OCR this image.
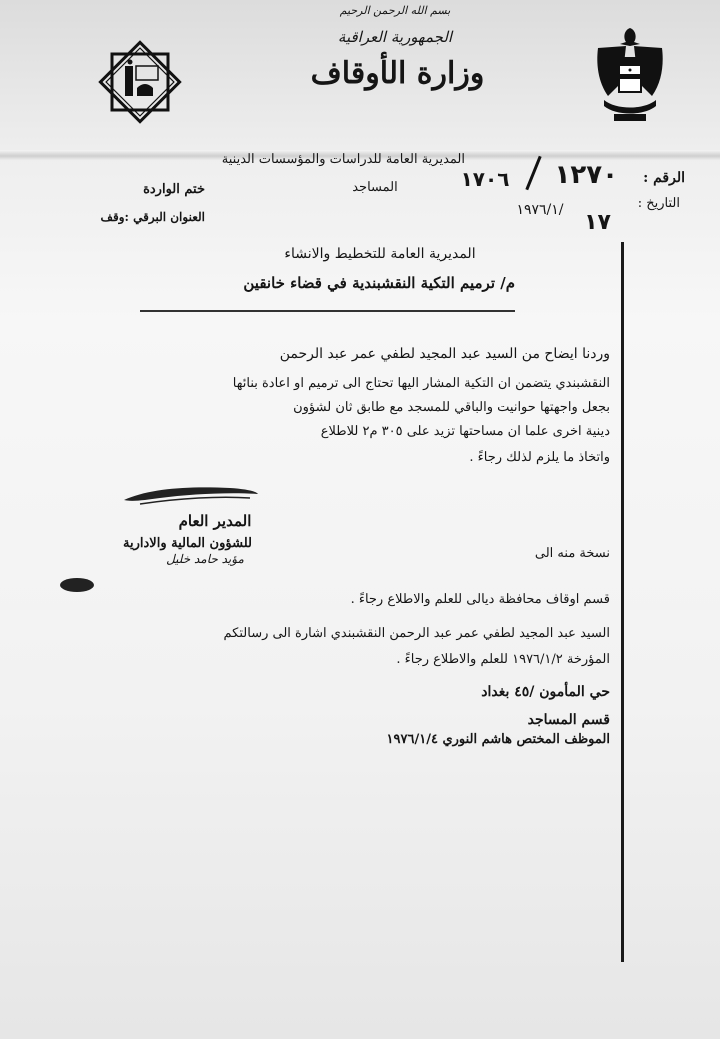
بسم الله الرحمن الرحيم
الجمهورية العراقية
وزارة الأوقاف
المديرية العامة للدراسات والمؤسسات الدينية
المساجد
الرقم :
١٢٧٠
١٧٠٦
التاريخ :
١٩٧٦/١/ ١٧
ختم الواردة
العنوان البرقي :وقف
المديرية العامة للتخطيط والانشاء
م/ ترميم التكية النقشبندية في قضاء خانقين
وردنا ايضاح من السيد عبد المجيد لطفي عمر عبد الرحمن
النقشبندي يتضمن ان التكية المشار اليها تحتاج الى ترميم او اعادة بنائها
بجعل واجهتها حوانيت والباقي للمسجد مع طابق ثان لشؤون
دينية اخرى علما ان مساحتها تزيد على ٣٠٥ م٢ للاطلاع
واتخاذ ما يلزم لذلك رجاءً .
المدير العام
للشؤون المالية والادارية
مؤيد حامد خليل	نسخة منه الى
قسم اوقاف محافظة ديالى للعلم والاطلاع رجاءً .
السيد عبد المجيد لطفي عمر عبد الرحمن النقشبندي اشارة الى رسالتكم
المؤرخة ١٩٧٦/١/٢ للعلم والاطلاع رجاءً .
حي المأمون /٤٥ بغداد
قسم المساجد
الموظف المختص هاشم النوري ١٩٧٦/١/٤
